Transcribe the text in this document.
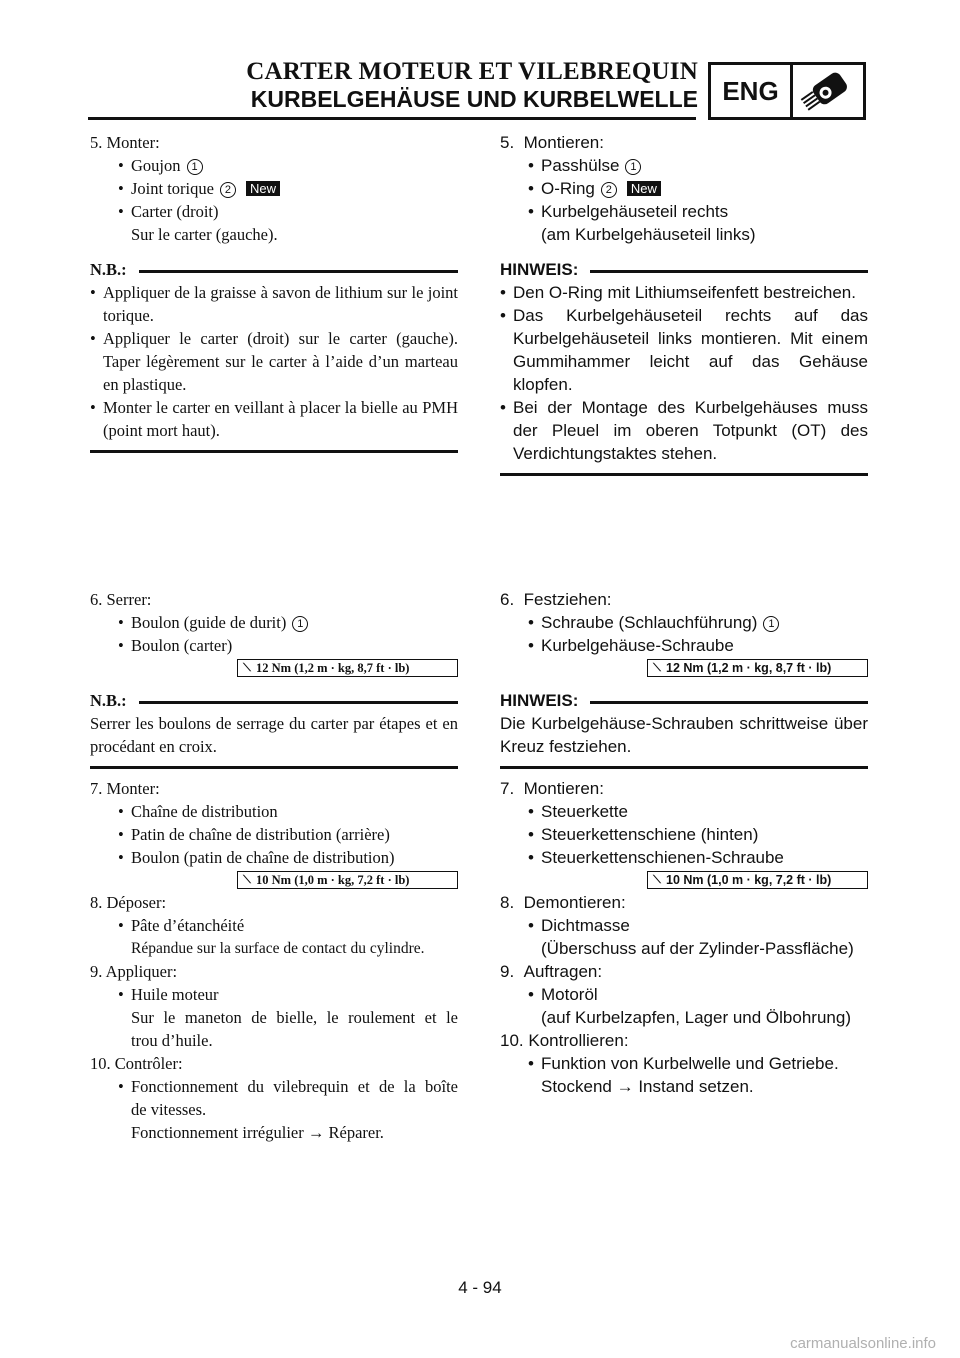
CARTER MOTEUR ET VILEBREQUIN
KURBELGEHÄUSE UND KURBELWELLE ENG
5. Monter:
• Goujon 1
• Joint torique 2 New
• Carter (droit)
Sur le carter (gauche).
N.B.:
• Appliquer de la graisse à savon de lithium sur le joint torique.
• Appliquer le carter (droit) sur le carter (gauche). Taper légèrement sur le carter à l’aide d’un marteau en plastique.
• Monter le carter en veillant à placer la bielle au PMH (point mort haut).
5. Montieren:
• Passhülse 1
• O-Ring 2 New
• Kurbelgehäuseteil rechts
(am Kurbelgehäuseteil links)
HINWEIS:
• Den O-Ring mit Lithiumseifenfett bestreichen.
• Das Kurbelgehäuseteil rechts auf das Kurbelgehäuseteil links montieren. Mit einem Gummihammer leicht auf das Gehäuse klopfen.
• Bei der Montage des Kurbelgehäuses muss der Pleuel im oberen Totpunkt (OT) des Verdichtungstaktes stehen.
6. Serrer:
• Boulon (guide de durit) 1
• Boulon (carter)
⟍ 12 Nm (1,2 m · kg, 8,7 ft · lb)
N.B.:
Serrer les boulons de serrage du carter par étapes et en procédant en croix.
7. Monter:
• Chaîne de distribution
• Patin de chaîne de distribution (arrière)
• Boulon (patin de chaîne de distribution)
⟍ 10 Nm (1,0 m · kg, 7,2 ft · lb)
8. Déposer:
• Pâte d’étanchéité
Répandue sur la surface de contact du cylindre.
9. Appliquer:
• Huile moteur
Sur le maneton de bielle, le roulement et le
trou d’huile.
10. Contrôler:
• Fonctionnement du vilebrequin et de la boîte
de vitesses.
Fonctionnement irrégulier → Réparer.
6. Festziehen:
• Schraube (Schlauchführung) 1
• Kurbelgehäuse-Schraube
⟍ 12 Nm (1,2 m · kg, 8,7 ft · lb)
HINWEIS:
Die Kurbelgehäuse-Schrauben schrittweise über Kreuz festziehen.
7. Montieren:
• Steuerkette
• Steuerkettenschiene (hinten)
• Steuerkettenschienen-Schraube
⟍ 10 Nm (1,0 m · kg, 7,2 ft · lb)
8. Demontieren:
• Dichtmasse
(Überschuss auf der Zylinder-Passfläche)
9. Auftragen:
• Motoröl
(auf Kurbelzapfen, Lager und Ölbohrung)
10. Kontrollieren:
• Funktion von Kurbelwelle und Getriebe.
Stockend → Instand setzen.
4 - 94
carmanualsonline.info
